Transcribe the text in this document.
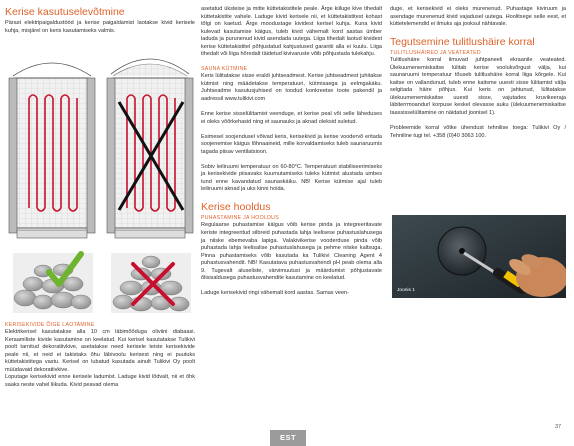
Kerise kasutuselevõtmine

Pärast elektripaigaldustööd ja kerise paigaldamist laotakse kivid kerisele kuhja, misjärel on keris kasutamiseks valmis.

KERISEKIVIDE ÕIGE LAOTAMINE

Elektrikerisel kasutatakse alla 10 cm läbimõõduga oliviini diabaasi. Keraamiliste kivide kasutamine on keelatud. Kui kerisel kasutatakse Tulikivi poolt tarnitud dekoratiivkive, asetatakse need kerisele teiste kerisekivide peale nii, et neid ei takistaks õhu läbivoolu kerisest ning ei puutuks küttetakistitega vastu. Kerisel on lubatud kasutada ainult Tulikivi Oy poolt müüdavaid dekoratiivkive.

Loputage kerisekivid enne kerisele ladumist. Laduge kivid lõdvalt, nii et õhk saaks neste vahel liikuda. Kivid peavad olema

asetatud üksteise ja mitte küttetakistitele peale. Ärge kiiluge kive tihedalt küttetakistite vahele. Laduge kivid kerisele nii, et küttetakistitest kohast tõlgi on kaetud. Ärge moodustage kividest kerisel kuhja. Kuna kivid kulevad kasutamise käigus, tuleb kivid vähemalt kord aastas ümber laduda ja purunenud kivid asendada uutega. Liiga tihedalt laotud kividest kerise küttetakistitel põhjustatud kahjustused garantii alla ei kuulu. Liiga tihedalt või liiga hõredalt täidetud kivivaruste võib põhjustada tulekahju.

SAUNA KÜTMINE

Keris lülitatakse sisse eraldi juhtseadmest. Kerise juhtseadmest juhitakse kütmist ning määdetakse temperatuuri, kütmisaega ja eelmgakäku. Juhtseadme kasutusjuhised on toodud konkreetse toote pakendil ja aadressil www.tulikivi.com

Enne kerise sisselülitamist veenduge, et kerise peal või selle läheduses ei oleks võõrkehasid ning et saunauks ja aknad oleksid suletud.

Esimesel soojendusel võivad keris, kerisekivid ja kerise voodervõ eritada soojenemise käigus lõhnaaineid, mille korvaldamiseks tuleb saunaruumis tagada piisav ventilatsioon.

Sobiv leiliruumi temperatuur on 60-80°C. Temperatuuri stabiliseerimiseks ja kerisekivide piisavaks kuumutamiseks tuleks kütmist alustada umbes tund enne kavandatud saunaskäiku. NB! Kerise kütmise ajal tuleb leiliruumi aknad ja uks kinni hoida.

Kerise hooldus
PUHASTAMINE JA HOOLDUS

Regulaarse puhastamise käigus võib kerise pinda ja integreeritavate keriste integreeritud silbreid puhastada lahja leelisese puhastuslahusega ja niiske ebemevaba lapiga. Valakivikerise vooderduse pinda võib puhastada lahja leelisalise puhastuslahusega ja pehme niiske kaltsuga. Pinna puhastamiseks võib kasutada ka Tulikivi Cleaning Agent 4 puhastusvahendit. NB! Kasutatava puhastusvahendi pH peab olema alla 9. Tugevalt aluseliste, värvimuutusi ja määrdumist põhjustavate õlisisaldusega puhastusvahendite kasutamine on keelatud.

Laduge kerisekivid ringi vähemalt kord aastas. Samas veen-

duge, et kerisekivid ei oleks murenenud. Puhastage kiviruum ja asendage murenenud kivid vajadusel uutega. Hoolitsege selle eest, et küttetelemendid ei ilmuks aja jooksul nähtavale.

Tegutsemine tulitlushäire korral
TULITLUSHÄIRED JA VEATEATED

Tulitlushäire korral ilmuvad juhtpaneeli ekraanile veateated. Ülekuumenemiskaitse lülitab kerise voolukvõrgust välja, kui saunaruumi temperatuur tõuseb tulitlushäire korral liiga kõrgele. Kui kaitse on vallandunud, tuleb enne kaitsme uuesti sisse lülitamist välja selgitada häire põhjus. Kui keris on jahtunud, lülitatakse ülekuumenemiskaitse uuesti sisse, vajutades kruvikeeraja läbiterrmoandurl korpuse keskel olevasse auku (ülekuumenemiskaitse taassisselülitamine on näidatud joonisel 1).

Probleemide korral võtke ühendust tehnilise toega: Tulikivi Oy / Tehniline tugi tel. +358 (0)40 3063 100.

Joonis 1
EST
37
